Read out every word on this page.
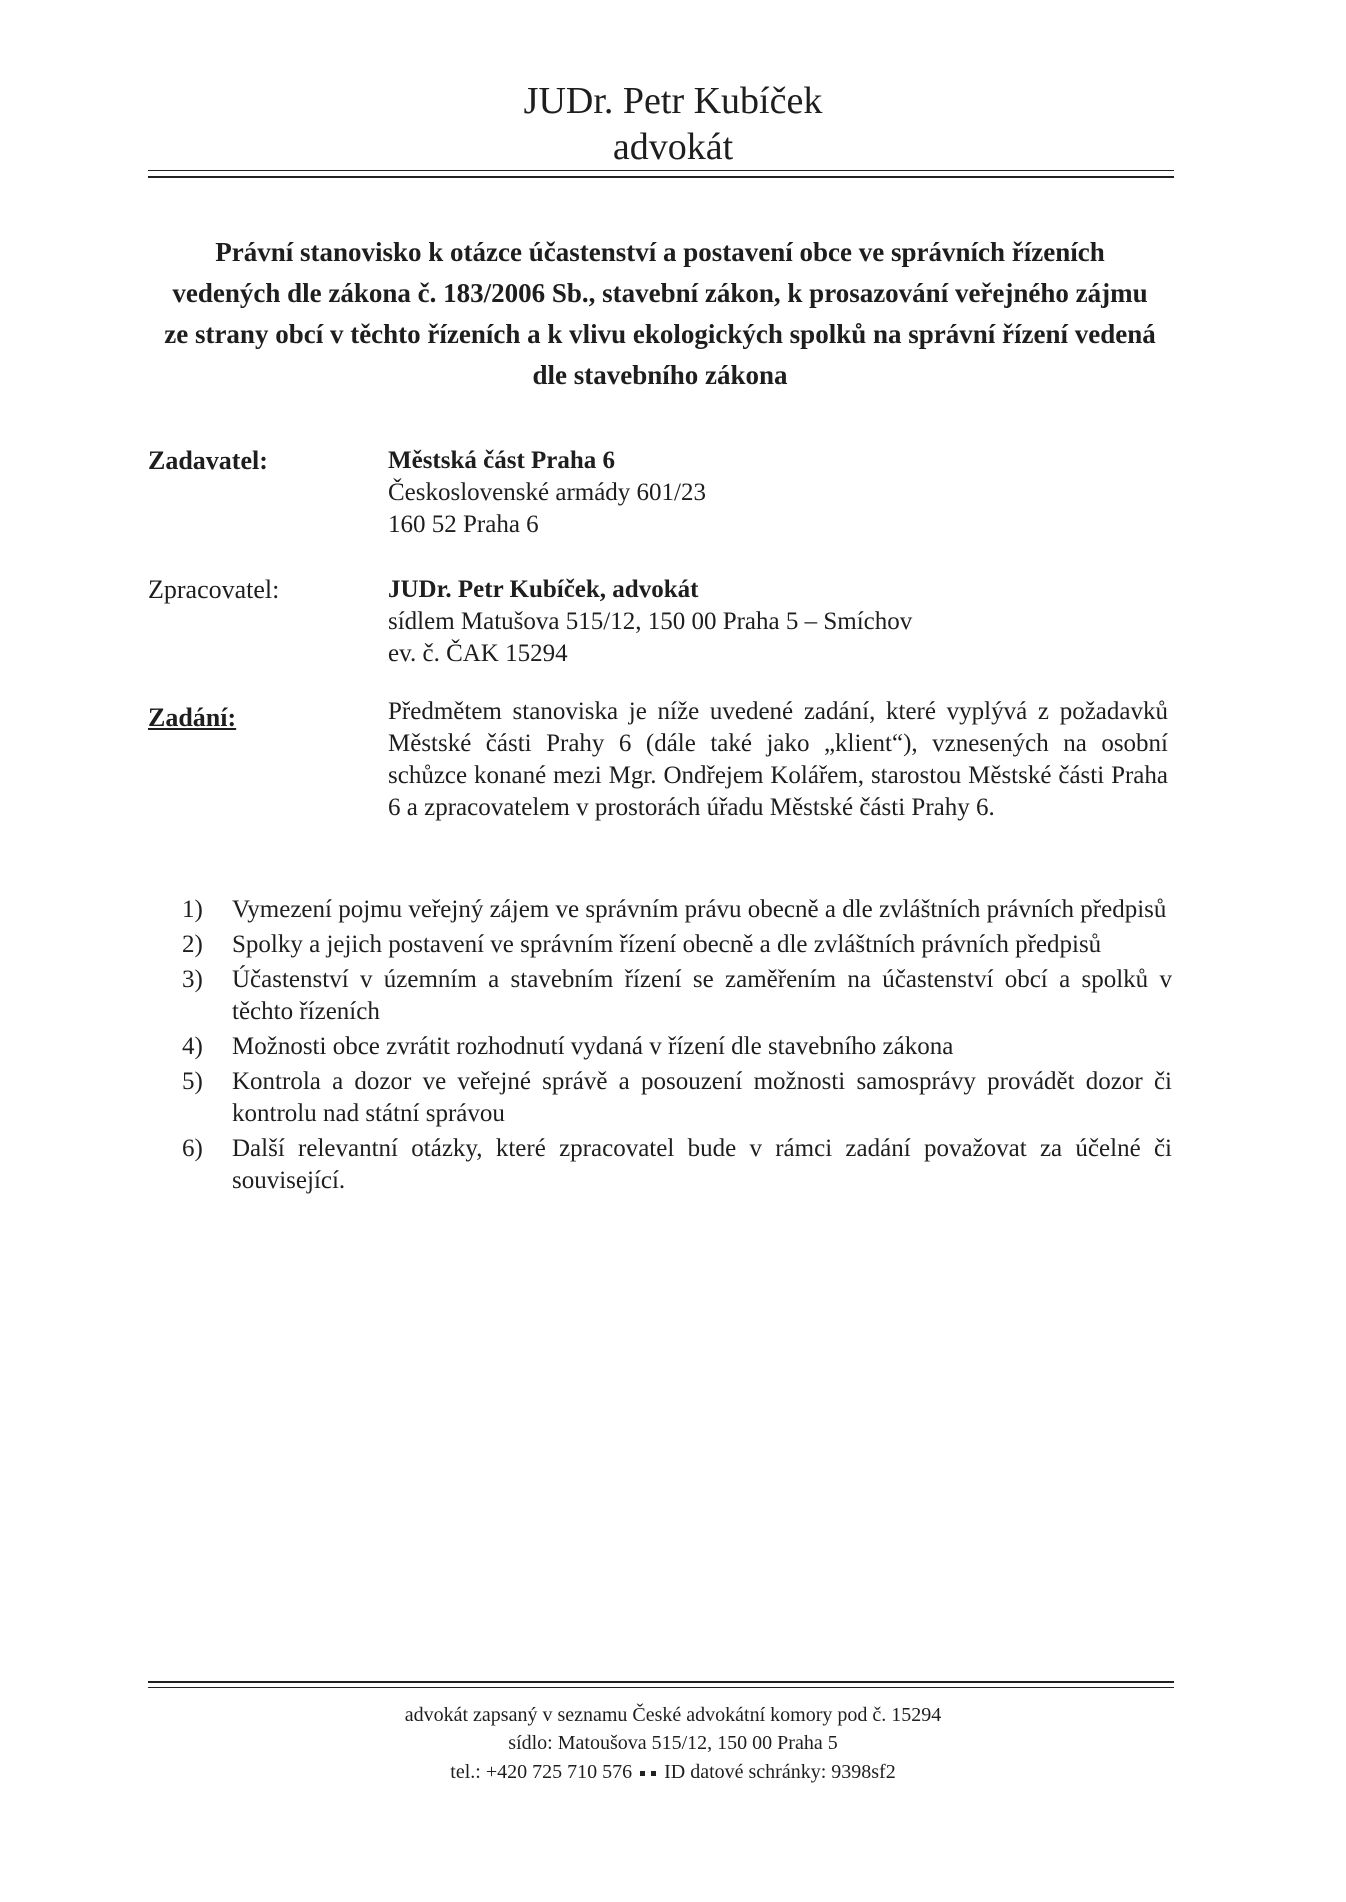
JUDr. Petr Kubíček
advokát
Právní stanovisko k otázce účastenství a postavení obce ve správních řízeních vedených dle zákona č. 183/2006 Sb., stavební zákon, k prosazování veřejného zájmu ze strany obcí v těchto řízeních a k vlivu ekologických spolků na správní řízení vedená dle stavebního zákona
Zadavatel:	Městská část Praha 6
Československé armády 601/23
160 52 Praha 6
Zpracovatel:	JUDr. Petr Kubíček, advokát
sídlem Matušova 515/12, 150 00 Praha 5 – Smíchov
ev. č. ČAK 15294
Zadání:	Předmětem stanoviska je níže uvedené zadání, které vyplývá z požadavků Městské části Prahy 6 (dále také jako „klient“), vznesených na osobní schůzce konané mezi Mgr. Ondřejem Kolářem, starostou Městské části Praha 6 a zpracovatelem v prostorách úřadu Městské části Prahy 6.
1) Vymezení pojmu veřejný zájem ve správním právu obecně a dle zvláštních právních předpisů
2) Spolky a jejich postavení ve správním řízení obecně a dle zvláštních právních předpisů
3) Účastenství v územním a stavebním řízení se zaměřením na účastenství obcí a spolků v těchto řízeních
4) Možnosti obce zvrátit rozhodnutí vydaná v řízení dle stavebního zákona
5) Kontrola a dozor ve veřejné správě a posouzení možnosti samosprávy provádět dozor či kontrolu nad státní správou
6) Další relevantní otázky, které zpracovatel bude v rámci zadání považovat za účelné či související.
advokát zapsaný v seznamu České advokátní komory pod č. 15294
sídlo: Matoušova 515/12, 150 00 Praha 5
tel.: +420 725 710 576 ID datové schránky: 9398sf2
